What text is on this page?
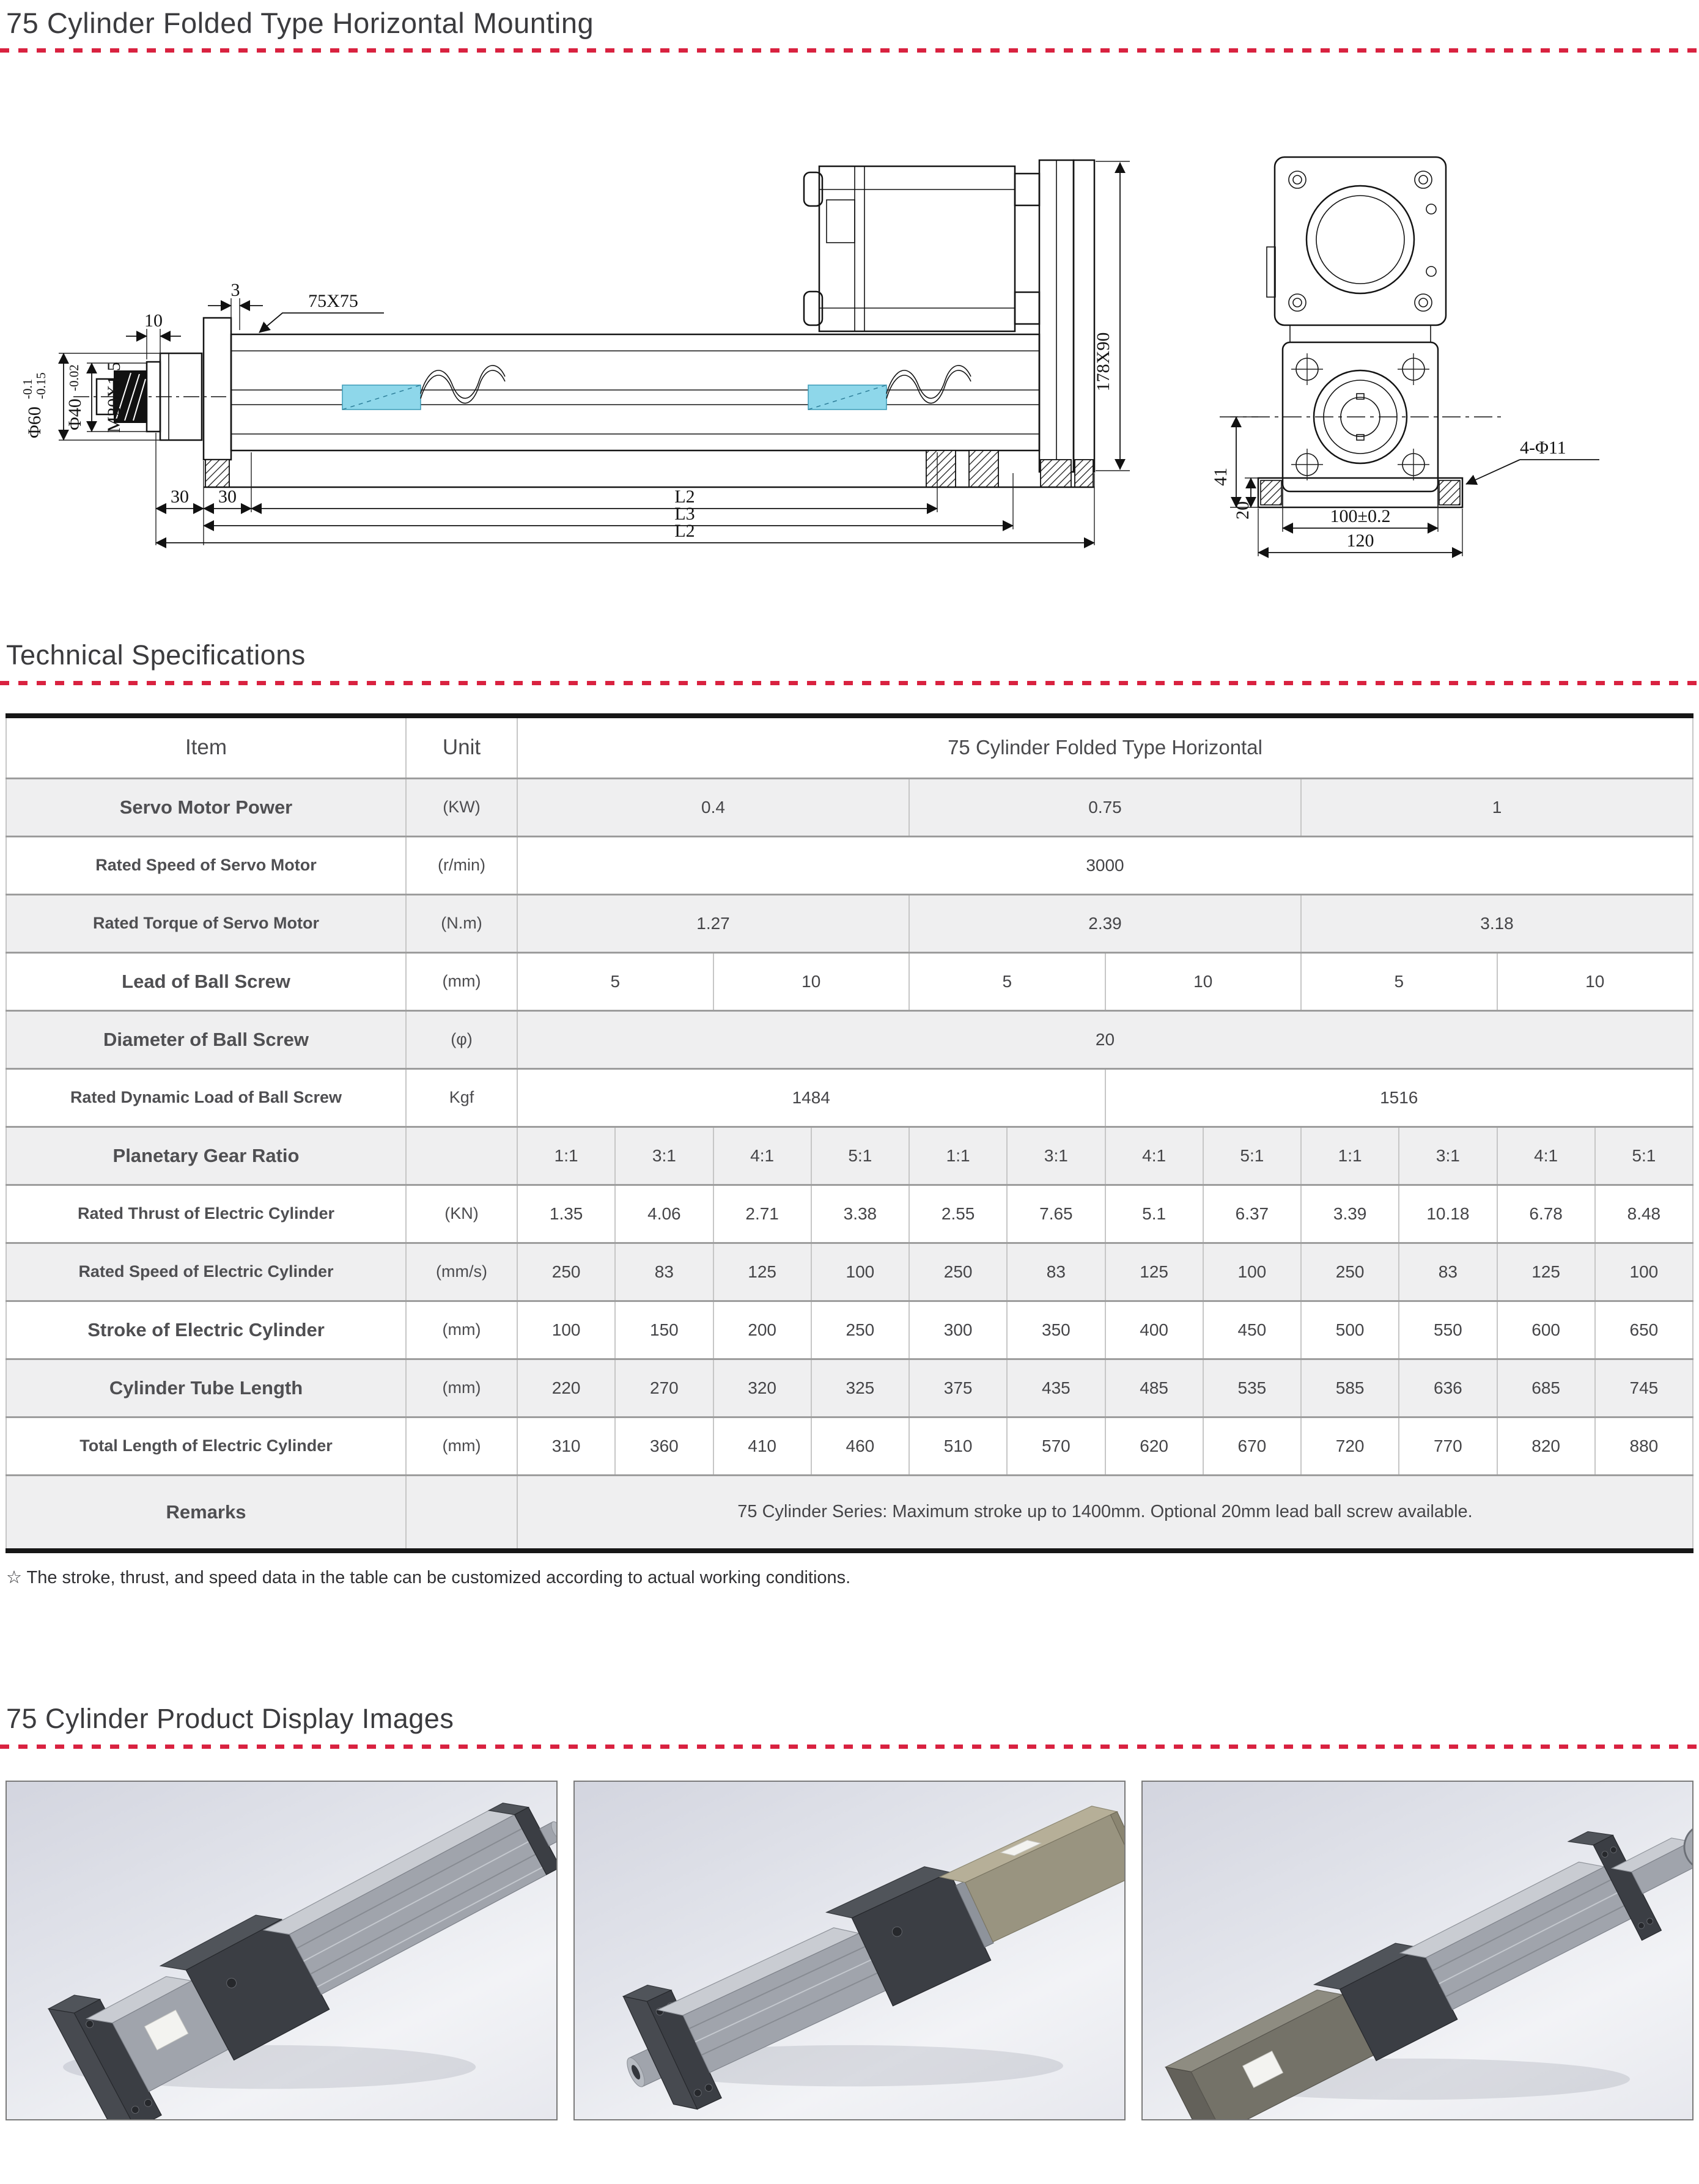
75 Cylinder Folded Type Horizontal Mounting
3
75X75
10
Φ60
-0.1
-0.15
Φ40
-0.02 M20X1.5
30 30	L2
L3
L2
178X90
41
20	100±0.2
120
4-Φ11
Technical Specifications
Item	Unit	75 Cylinder Folded Type Horizontal											
Servo Motor Power	(KW)	0.4				0.75				1			
Rated Speed of Servo Motor	(r/min)	3000											
Rated Torque of Servo Motor	(N.m)	1.27				2.39				3.18			
Lead of Ball Screw	(mm)	5		10		5		10		5		10	
Diameter of Ball Screw	(φ)	20											
Rated Dynamic Load of Ball Screw	Kgf	1484						1516					
Planetary Gear Ratio		1:1	3:1	4:1	5:1	1:1	3:1	4:1	5:1	1:1	3:1	4:1	5:1
Rated Thrust of Electric Cylinder	(KN)	1.35	4.06	2.71	3.38	2.55	7.65	5.1	6.37	3.39	10.18	6.78	8.48
Rated Speed of Electric Cylinder	(mm/s)	250	83	125	100	250	83	125	100	250	83	125	100
Stroke of Electric Cylinder	(mm)	100	150	200	250	300	350	400	450	500	550	600	650
Cylinder Tube Length	(mm)	220	270	320	325	375	435	485	535	585	636	685	745
Total Length of Electric Cylinder	(mm)	310	360	410	460	510	570	620	670	720	770	820	880
Remarks		75 Cylinder Series: Maximum stroke up to 1400mm. Optional 20mm lead ball screw available.											

☆ The stroke, thrust, and speed data in the table can be customized according to actual working conditions.

75 Cylinder Product Display Images
